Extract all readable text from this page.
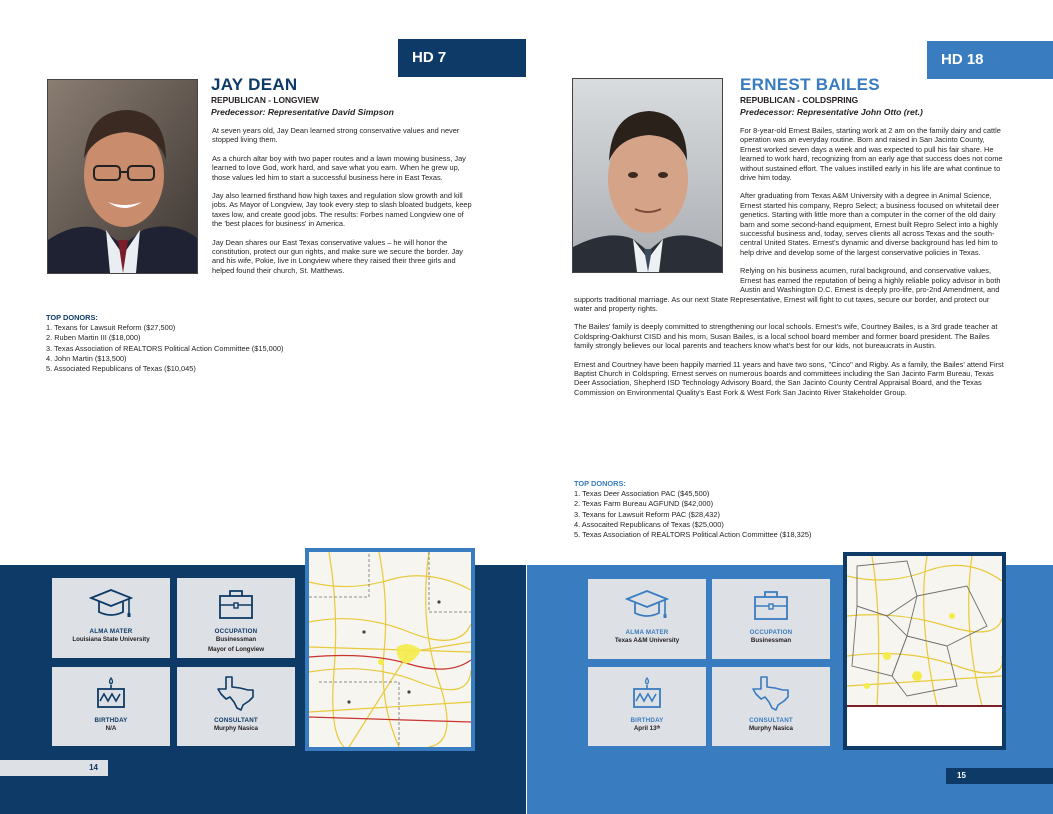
HD 7
JAY DEAN
REPUBLICAN - LONGVIEW
Predecessor: Representative David Simpson

At seven years old, Jay Dean learned strong conservative values and never stopped living them.

As a church altar boy with two paper routes and a lawn mowing business, Jay learned to love God, work hard, and save what you earn. When he grew up, those values led him to start a successful business here in East Texas.

Jay also learned firsthand how high taxes and regulation slow growth and kill jobs. As Mayor of Longview, Jay took every step to slash bloated budgets, keep taxes low, and create good jobs. The results: Forbes named Longview one of the 'best places for business' in America.

Jay Dean shares our East Texas conservative values – he will honor the constitution, protect our gun rights, and make sure we secure the border. Jay and his wife, Pokie, live in Longview where they raised their three girls and helped found their church, St. Matthews.

TOP DONORS:
1. Texans for Lawsuit Reform ($27,500)
2. Ruben Martin III ($18,000)
3. Texas Association of REALTORS Political Action Committee ($15,000)
4. John Martin ($13,500)
5. Associated Republicans of Texas ($10,045)
ALMA MATER
Louisiana State University
OCCUPATION
Businessman
Mayor of Longview
BIRTHDAY
N/A
CONSULTANT
Murphy Nasica
14
HD 18
ERNEST BAILES
REPUBLICAN - COLDSPRING
Predecessor: Representative John Otto (ret.)

For 8-year-old Ernest Bailes, starting work at 2 am on the family dairy and cattle operation was an everyday routine. Born and raised in San Jacinto County, Ernest worked seven days a week and was expected to pull his fair share. He learned to work hard, recognizing from an early age that success does not come without sustained effort. The values instilled early in his life are what continue to drive him today.

After graduating from Texas A&M University with a degree in Animal Science, Ernest started his company, Repro Select; a business focused on whitetail deer genetics. Starting with little more than a computer in the corner of the old dairy barn and some second-hand equipment, Ernest built Repro Select into a highly successful business and, today, serves clients all across Texas and the south-central United States. Ernest's dynamic and diverse background has led him to help drive and develop some of the largest conservative policies in Texas.

Relying on his business acumen, rural background, and conservative values, Ernest has earned the reputation of being a highly reliable policy advisor in both Austin and Washington D.C. Ernest is deeply pro-life, pro-2nd Amendment, and supports traditional marriage. As our next State Representative, Ernest will fight to cut taxes, secure our border, and protect our water and property rights.

The Bailes' family is deeply committed to strengthening our local schools. Ernest's wife, Courtney Bailes, is a 3rd grade teacher at Coldspring-Oakhurst CISD and his mom, Susan Bailes, is a local school board member and former board president. The Bailes family strongly believes our local parents and teachers know what's best for our kids, not bureaucrats in Austin.

Ernest and Courtney have been happily married 11 years and have two sons, "Cinco" and Rigby. As a family, the Bailes' attend First Baptist Church in Coldspring. Ernest serves on numerous boards and committees including the San Jacinto Farm Bureau, Texas Deer Association, Shepherd ISD Technology Advisory Board, the San Jacinto County Central Appraisal Board, and the Texas Commission on Environmental Quality's East Fork & West Fork San Jacinto River Stakeholder Group.

TOP DONORS:
1. Texas Deer Association PAC ($45,500)
2. Texas Farm Bureau AGFUND ($42,000)
3. Texans for Lawsuit Reform PAC ($28,432)
4. Assocaited Republicans of Texas ($25,000)
5. Texas Association of REALTORS Political Action Committee ($18,325)
ALMA MATER
Texas A&M University
OCCUPATION
Businessman
BIRTHDAY
April 13ᵗʰ
CONSULTANT
Murphy Nasica
15
